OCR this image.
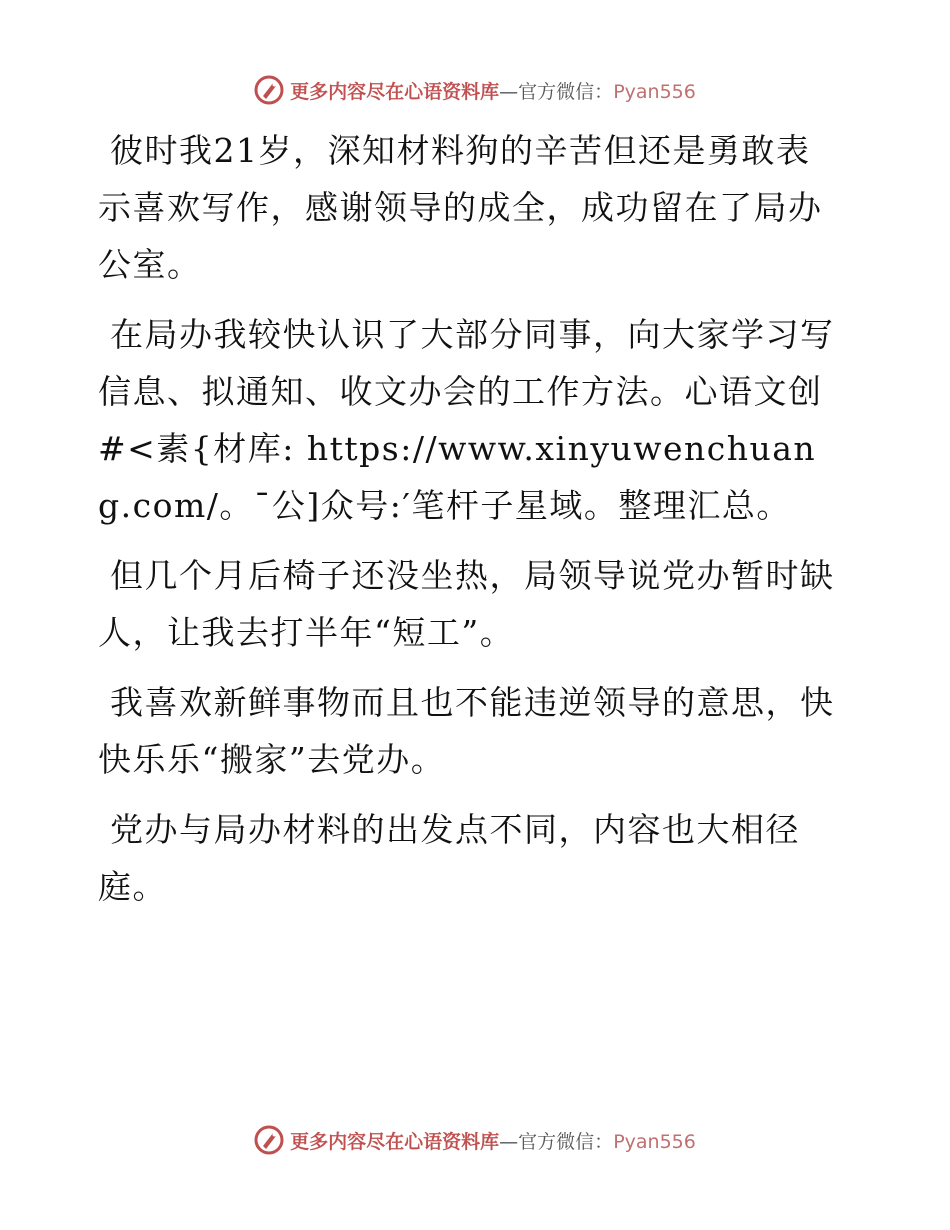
更多内容尽在心语资料库—官方微信：Pyan556

彼时我21岁，深知材料狗的辛苦但还是勇敢表示喜欢写作，感谢领导的成全，成功留在了局办公室。

在局办我较快认识了大部分同事，向大家学习写信息、拟通知、收文办会的工作方法。心语文创#<素{材库: https://www.xinyuwenchuang.com/。¯公]众号:′笔杆子星域。整理汇总。

但几个月后椅子还没坐热，局领导说党办暂时缺人，让我去打半年“短工”。

我喜欢新鲜事物而且也不能违逆领导的意思，快快乐乐“搬家”去党办。

党办与局办材料的出发点不同，内容也大相径庭。

更多内容尽在心语资料库—官方微信：Pyan556
